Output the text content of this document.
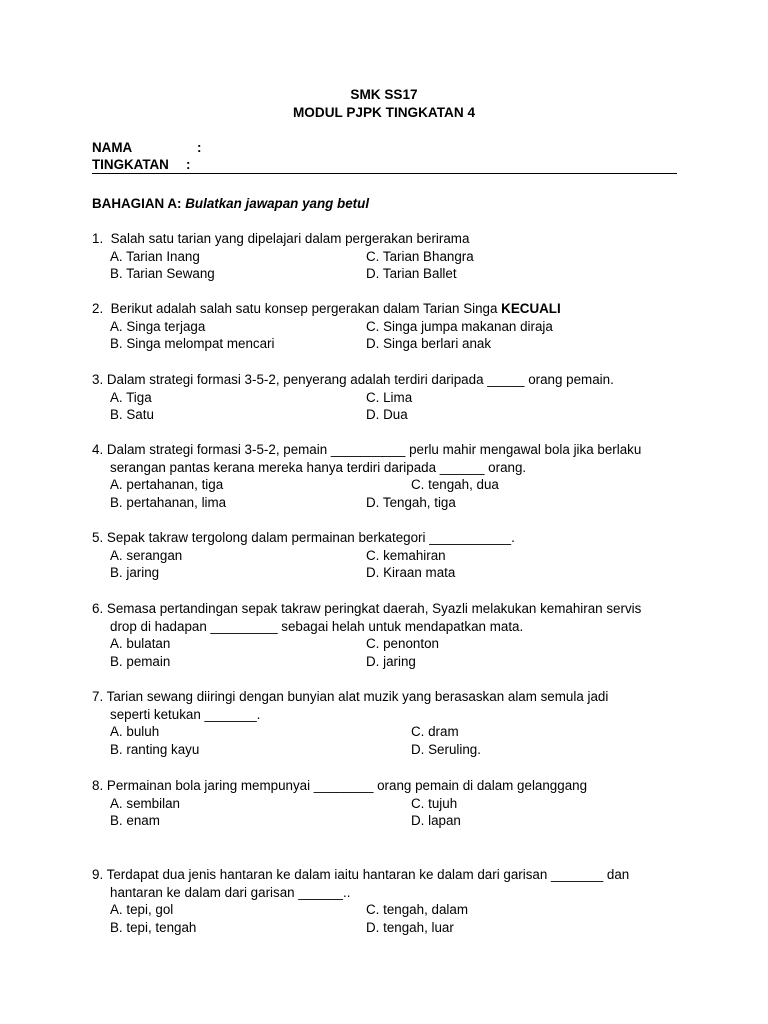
SMK SS17
MODUL PJPK TINGKATAN 4
NAMA	:
TINGKATAN :
BAHAGIAN A: Bulatkan jawapan yang betul
1.  Salah satu tarian yang dipelajari dalam pergerakan berirama
A. Tarian Inang	C. Tarian Bhangra
B. Tarian Sewang	D. Tarian Ballet
2.  Berikut adalah salah satu konsep pergerakan dalam Tarian Singa KECUALI
A. Singa terjaga	C. Singa jumpa makanan diraja
B. Singa melompat mencari	D. Singa berlari anak
3. Dalam strategi formasi 3-5-2, penyerang adalah terdiri daripada _____ orang pemain.
A. Tiga	C. Lima
B. Satu	D. Dua
4. Dalam strategi formasi 3-5-2, pemain __________ perlu mahir mengawal bola jika berlaku
serangan pantas kerana mereka hanya terdiri daripada ______ orang.
A. pertahanan, tiga	C. tengah, dua
B. pertahanan, lima	D. Tengah, tiga
5. Sepak takraw tergolong dalam permainan berkategori ___________.
A. serangan	C. kemahiran
B. jaring	D. Kiraan mata
6. Semasa pertandingan sepak takraw peringkat daerah, Syazli melakukan kemahiran servis
drop di hadapan _________ sebagai helah untuk mendapatkan mata.
A. bulatan	C. penonton
B. pemain	D. jaring
7. Tarian sewang diiringi dengan bunyian alat muzik yang berasaskan alam semula jadi
seperti ketukan _______.
A. buluh	C. dram
B. ranting kayu	D. Seruling.
8. Permainan bola jaring mempunyai ________ orang pemain di dalam gelanggang
A. sembilan	C. tujuh
B. enam	D. lapan
9. Terdapat dua jenis hantaran ke dalam iaitu hantaran ke dalam dari garisan _______ dan
hantaran ke dalam dari garisan ______..
A. tepi, gol	C. tengah, dalam
B. tepi, tengah	D. tengah, luar
